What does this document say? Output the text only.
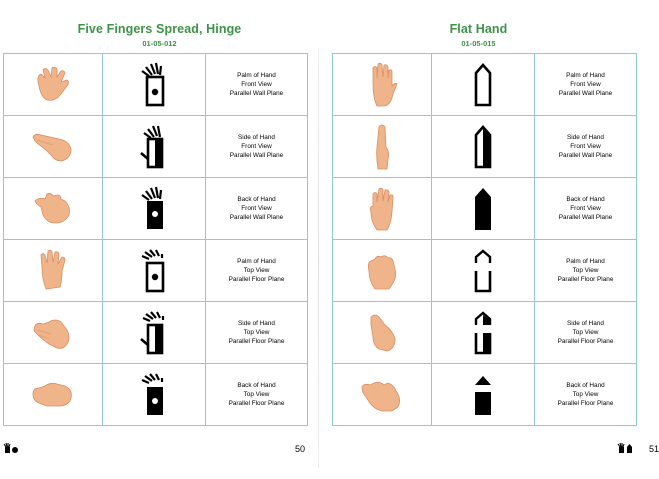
Five Fingers Spread, Hinge
01-05-012

Palm of Hand
Front View
Parallel Wall Plane

Side of Hand
Front View
Parallel Wall Plane

Back of Hand
Front View
Parallel Wall Plane

Palm of Hand
Top View
Parallel Floor Plane

Side of Hand
Top View
Parallel Floor Plane

Back of Hand
Top View
Parallel Floor Plane
50
Flat Hand
01-05-015

Palm of Hand
Front View
Parallel Wall Plane

Side of Hand
Front View
Parallel Wall Plane

Back of Hand
Front View
Parallel Wall Plane

Palm of Hand
Top View
Parallel Floor Plane

Side of Hand
Top View
Parallel Floor Plane

Back of Hand
Top View
Parallel Floor Plane
51
